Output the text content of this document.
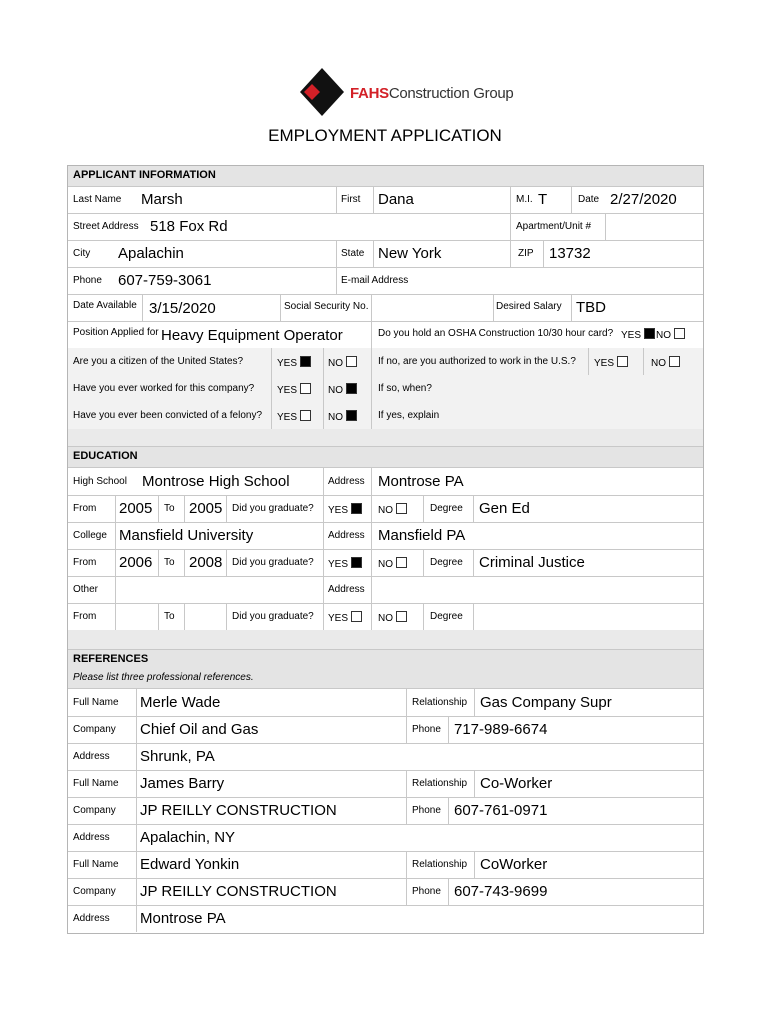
FAHSConstruction Group
EMPLOYMENT APPLICATION
APPLICANT INFORMATION
Last Name Marsh	First Dana	M.I. T	Date 2/27/2020
Street Address 518 Fox Rd	Apartment/Unit #
City Apalachin	State New York	ZIP 13732
Phone 607-759-3061	E-mail Address
Date Available 3/15/2020	Social Security No.	Desired Salary TBD
Position Applied for Heavy Equipment Operator	Do you hold an OSHA Construction 10/30 hour card? YES	NO
Are you a citizen of the United States?	YES	NO	If no, are you authorized to work in the U.S.? YES	NO
Have you ever worked for this company? YES	NO	If so, when?
Have you ever been convicted of a felony? YES	NO	If yes, explain
EDUCATION
High School Montrose High School	Address Montrose PA
From 2005 To 2005 Did you graduate? YES	NO	Degree Gen Ed
College Mansfield University	Address Mansfield PA
From 2006 To 2008 Did you graduate? YES	NO	Degree Criminal Justice
Other	Address
From	To	Did you graduate? YES	NO	Degree
REFERENCES
Please list three professional references.
Full Name Merle Wade	Relationship Gas Company Supr
Company Chief Oil and Gas	Phone 717-989-6674
Address Shrunk, PA
Full Name James Barry	Relationship Co-Worker
Company JP REILLY CONSTRUCTION	Phone 607-761-0971
Address Apalachin, NY
Full Name Edward Yonkin	Relationship CoWorker
Company JP REILLY CONSTRUCTION	Phone 607-743-9699
Address Montrose PA
